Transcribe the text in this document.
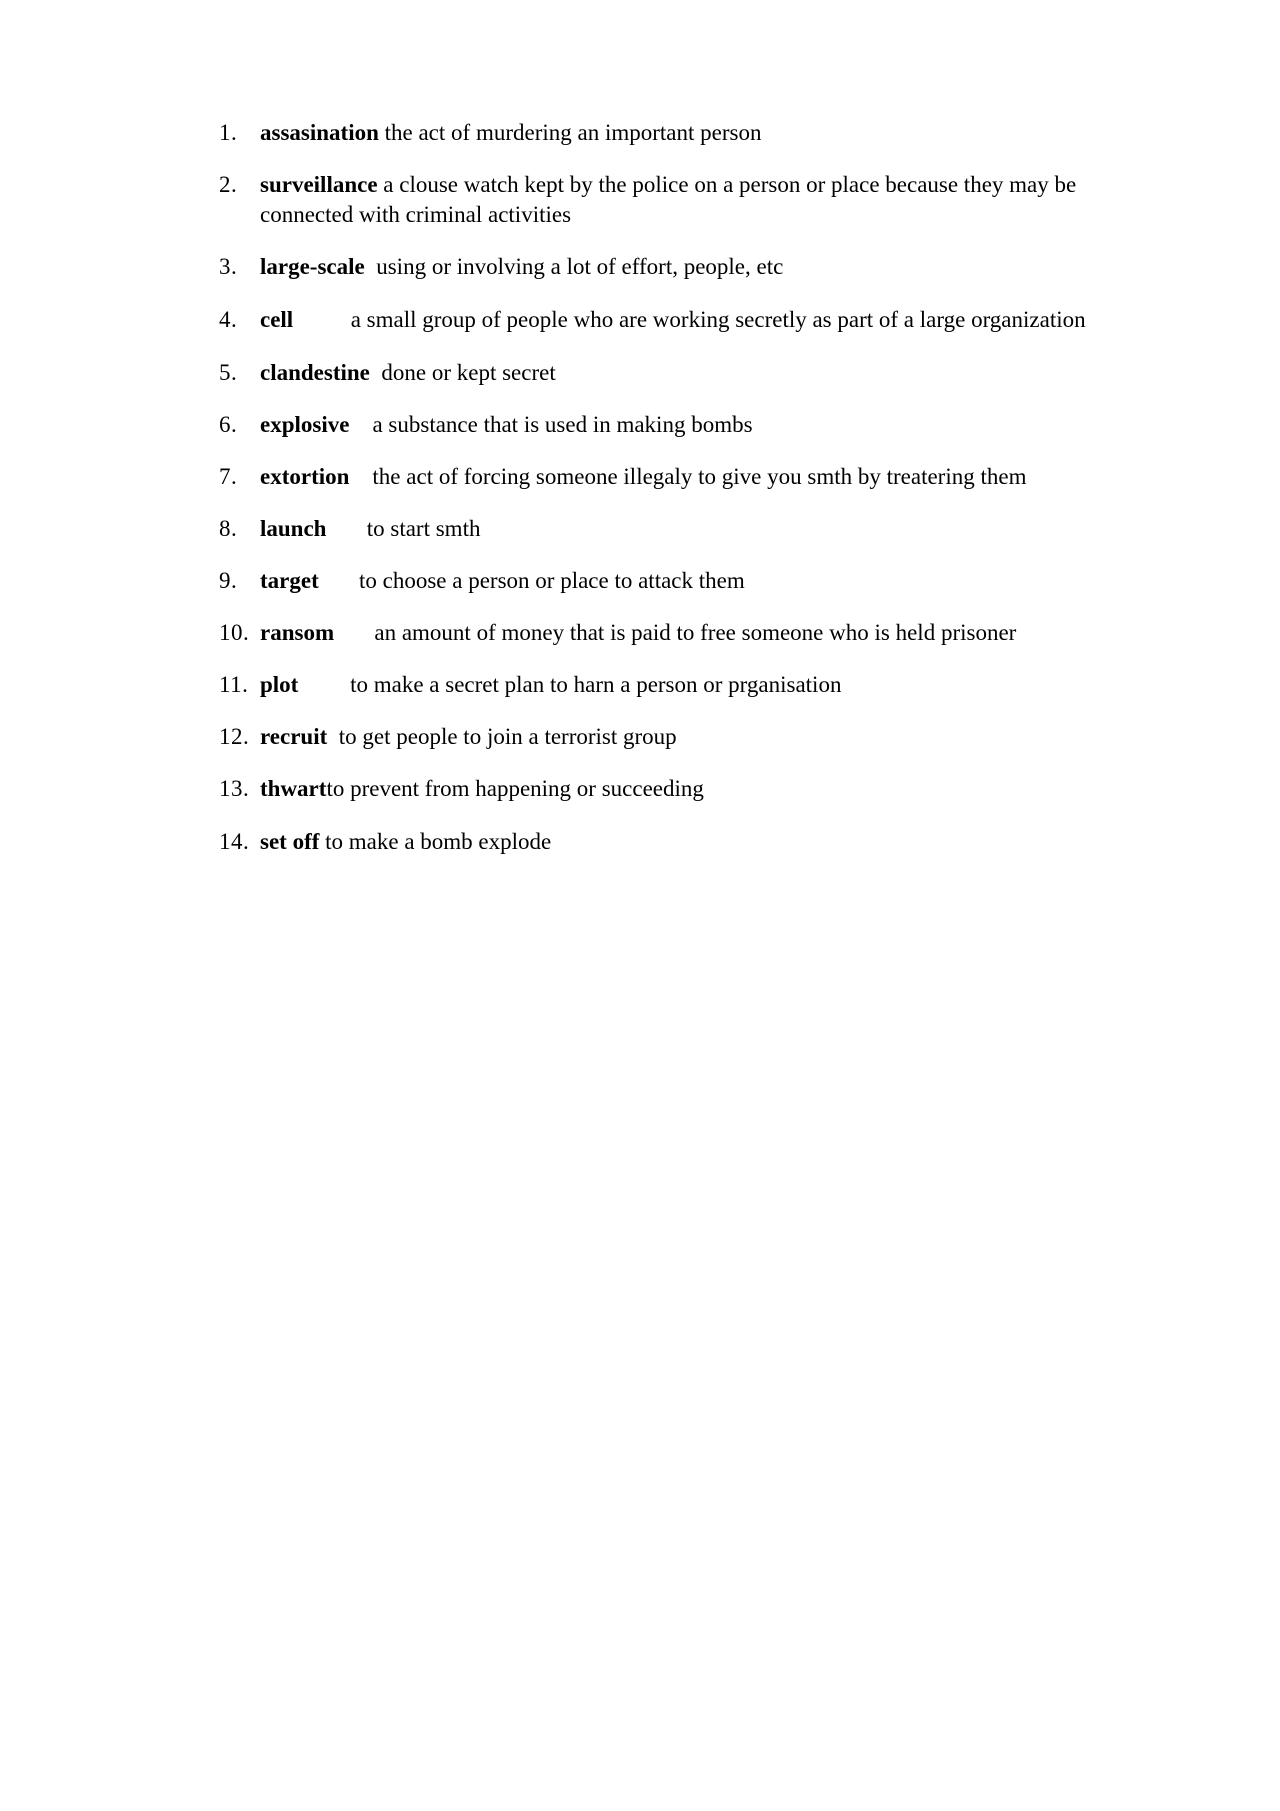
1. assasination the act of murdering an important person
2. surveillance a clouse watch kept by the police on a person or place because they may be connected with criminal activities
3. large-scale using or involving a lot of effort, people, etc
4. cell	a small group of people who are working secretly as part of a large organization
5. clandestine done or kept secret
6. explosive a substance that is used in making bombs
7. extortion the act of forcing someone illegaly to give you smth by treatering them
8. launch to start smth
9. target to choose a person or place to attack them
10. ransom an amount of money that is paid to free someone who is held prisoner
11. plot to make a secret plan to harn a person or prganisation
12. recruit to get people to join a terrorist group
13. thwartto prevent from happening or succeeding
14. set off to make a bomb explode
